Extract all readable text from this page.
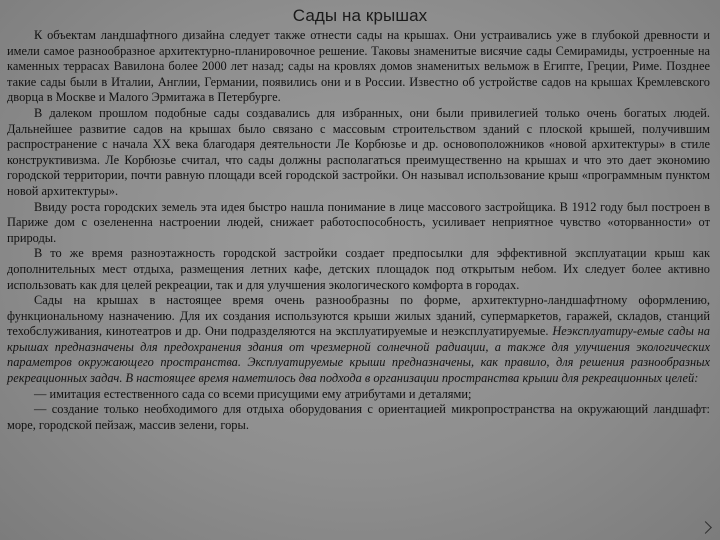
Сады на крышах

К объектам ландшафтного дизайна следует также отнести сады на крышах. Они устраивались уже в глубокой древности и имели самое разнообразное архитектурно-планировочное решение. Таковы знаменитые висячие сады Семирамиды, устроенные на каменных террасах Вавилона более 2000 лет назад; сады на кровлях домов знаменитых вельмож в Египте, Греции, Риме. Позднее такие сады были в Италии, Англии, Германии, появились они и в России. Известно об устройстве садов на крышах Кремлевского дворца в Москве и Малого Эрмитажа в Петербурге.

В далеком прошлом подобные сады создавались для избранных, они были привилегией только очень богатых людей. Дальнейшее развитие садов на крышах было связано с массовым строительством зданий с плоской крышей, получившим распространение с начала XX века благодаря деятельности Ле Корбюзье и др. основоположников «новой архитектуры» в стиле конструктивизма. Ле Корбюзье считал, что сады должны располагаться преимущественно на крышах и что это дает экономию городской территории, почти равную площади всей городской застройки. Он называл использование крыш «программным пунктом новой архитектуры».

Ввиду роста городских земель эта идея быстро нашла понимание в лице массового застройщика. В 1912 году был построен в Париже дом с озелененна настроении людей, снижает работоспособность, усиливает неприятное чувство «оторванности» от природы.

В то же время разноэтажность городской застройки создает предпосылки для эффективной эксплуатации крыш как дополнительных мест отдыха, размещения летних кафе, детских площадок под открытым небом. Их следует более активно использовать как для целей рекреации, так и для улучшения экологического комфорта в городах.

Сады на крышах в настоящее время очень разнообразны по форме, архитектурно-ландшафтному оформлению, функциональному назначению. Для их создания используются крыши жилых зданий, супермаркетов, гаражей, складов, станций техобслуживания, кинотеатров и др. Они подразделяются на эксплуатируемые и неэксплуатируемые. Неэксплуатиру-емые сады на крышах предназначены для предохранения здания от чрезмерной солнечной радиации, а также для улучшения экологических параметров окружающего пространства. Эксплуатируемые крыши предназначены, как правило, для решения разнообразных рекреационных задач. В настоящее время наметилось два подхода в организации пространства крыши для рекреационных целей:

— имитация естественного сада со всеми присущими ему атрибутами и деталями;

— создание только необходимого для отдыха оборудования с ориентацией микропространства на окружающий ландшафт: море, городской пейзаж, массив зелени, горы.
